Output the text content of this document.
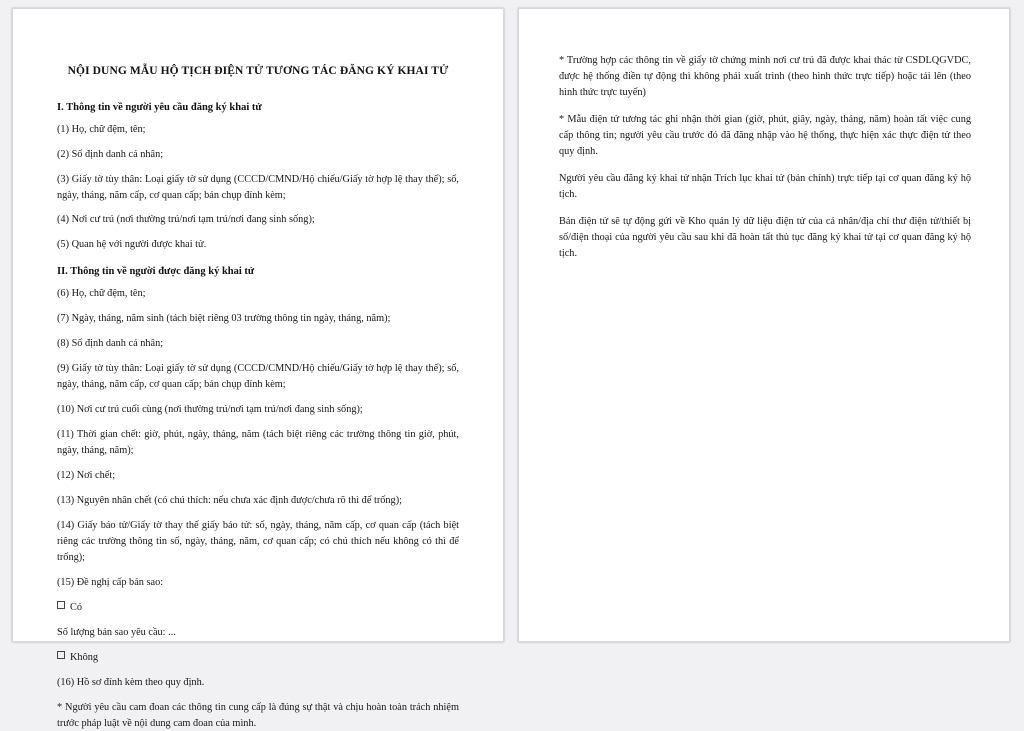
NỘI DUNG MẪU HỘ TỊCH ĐIỆN TỬ TƯƠNG TÁC ĐĂNG KÝ KHAI TỬ
I. Thông tin về người yêu cầu đăng ký khai tử

(1) Họ, chữ đệm, tên;

(2) Số định danh cá nhân;

(3) Giấy tờ tùy thân: Loại giấy tờ sử dụng (CCCD/CMND/Hộ chiếu/Giấy tờ hợp lệ thay thế); số, ngày, tháng, năm cấp, cơ quan cấp; bản chụp đính kèm;

(4) Nơi cư trú (nơi thường trú/nơi tạm trú/nơi đang sinh sống);

(5) Quan hệ với người được khai tử.

II. Thông tin về người được đăng ký khai tử

(6) Họ, chữ đệm, tên;

(7) Ngày, tháng, năm sinh (tách biệt riêng 03 trường thông tin ngày, tháng, năm);

(8) Số định danh cá nhân;

(9) Giấy tờ tùy thân: Loại giấy tờ sử dụng (CCCD/CMND/Hộ chiếu/Giấy tờ hợp lệ thay thế); số, ngày, tháng, năm cấp, cơ quan cấp; bản chụp đính kèm;

(10) Nơi cư trú cuối cùng (nơi thường trú/nơi tạm trú/nơi đang sinh sống);

(11) Thời gian chết: giờ, phút, ngày, tháng, năm (tách biệt riêng các trường thông tin giờ, phút, ngày, tháng, năm);

(12) Nơi chết;

(13) Nguyên nhân chết (có chú thích: nếu chưa xác định được/chưa rõ thì để trống);

(14) Giấy báo tử/Giấy tờ thay thế giấy báo tử: số, ngày, tháng, năm cấp, cơ quan cấp (tách biệt riêng các trường thông tin số, ngày, tháng, năm, cơ quan cấp; có chú thích nếu không có thì để trống);

(15) Đề nghị cấp bản sao:

Có

Số lượng bản sao yêu cầu: ...

Không

(16) Hồ sơ đính kèm theo quy định.

* Người yêu cầu cam đoan các thông tin cung cấp là đúng sự thật và chịu hoàn toàn trách nhiệm trước pháp luật về nội dung cam đoan của mình.

* Trường hợp các thông tin về giấy tờ chứng minh nơi cư trú đã được khai thác từ CSDLQGVDC, được hệ thống điền tự động thì không phải xuất trình (theo hình thức trực tiếp) hoặc tải lên (theo hình thức trực tuyến)

* Mẫu điện tử tương tác ghi nhận thời gian (giờ, phút, giây, ngày, tháng, năm) hoàn tất việc cung cấp thông tin; người yêu cầu trước đó đã đăng nhập vào hệ thống, thực hiện xác thực điện tử theo quy định.

Người yêu cầu đăng ký khai tử nhận Trích lục khai tử (bản chính) trực tiếp tại cơ quan đăng ký hộ tịch.

Bản điện tử sẽ tự động gửi về Kho quản lý dữ liệu điện tử của cá nhân/địa chỉ thư điện tử/thiết bị số/điện thoại của người yêu cầu sau khi đã hoàn tất thủ tục đăng ký khai tử tại cơ quan đăng ký hộ tịch.
